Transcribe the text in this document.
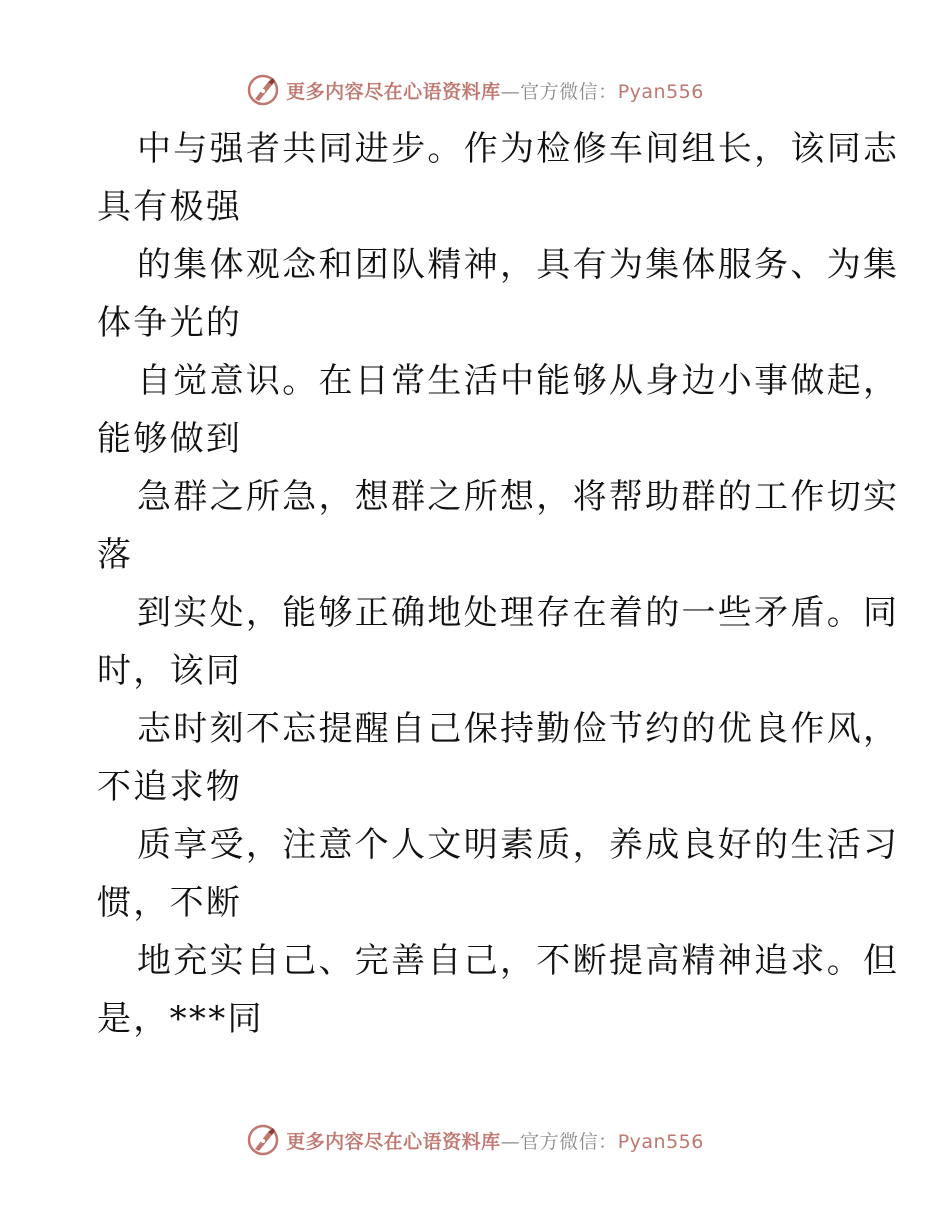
更多内容尽在心语资料库—官方微信：Pyan556

中与强者共同进步。作为检修车间组长，该同志
具有极强

的集体观念和团队精神，具有为集体服务、为集
体争光的

自觉意识。在日常生活中能够从身边小事做起，
能够做到

急群之所急，想群之所想，将帮助群的工作切实
落

到实处，能够正确地处理存在着的一些矛盾。同
时，该同

志时刻不忘提醒自己保持勤俭节约的优良作风，
不追求物

质享受，注意个人文明素质，养成良好的生活习
惯，不断

地充实自己、完善自己，不断提高精神追求。但
是，***同

更多内容尽在心语资料库—官方微信：Pyan556
